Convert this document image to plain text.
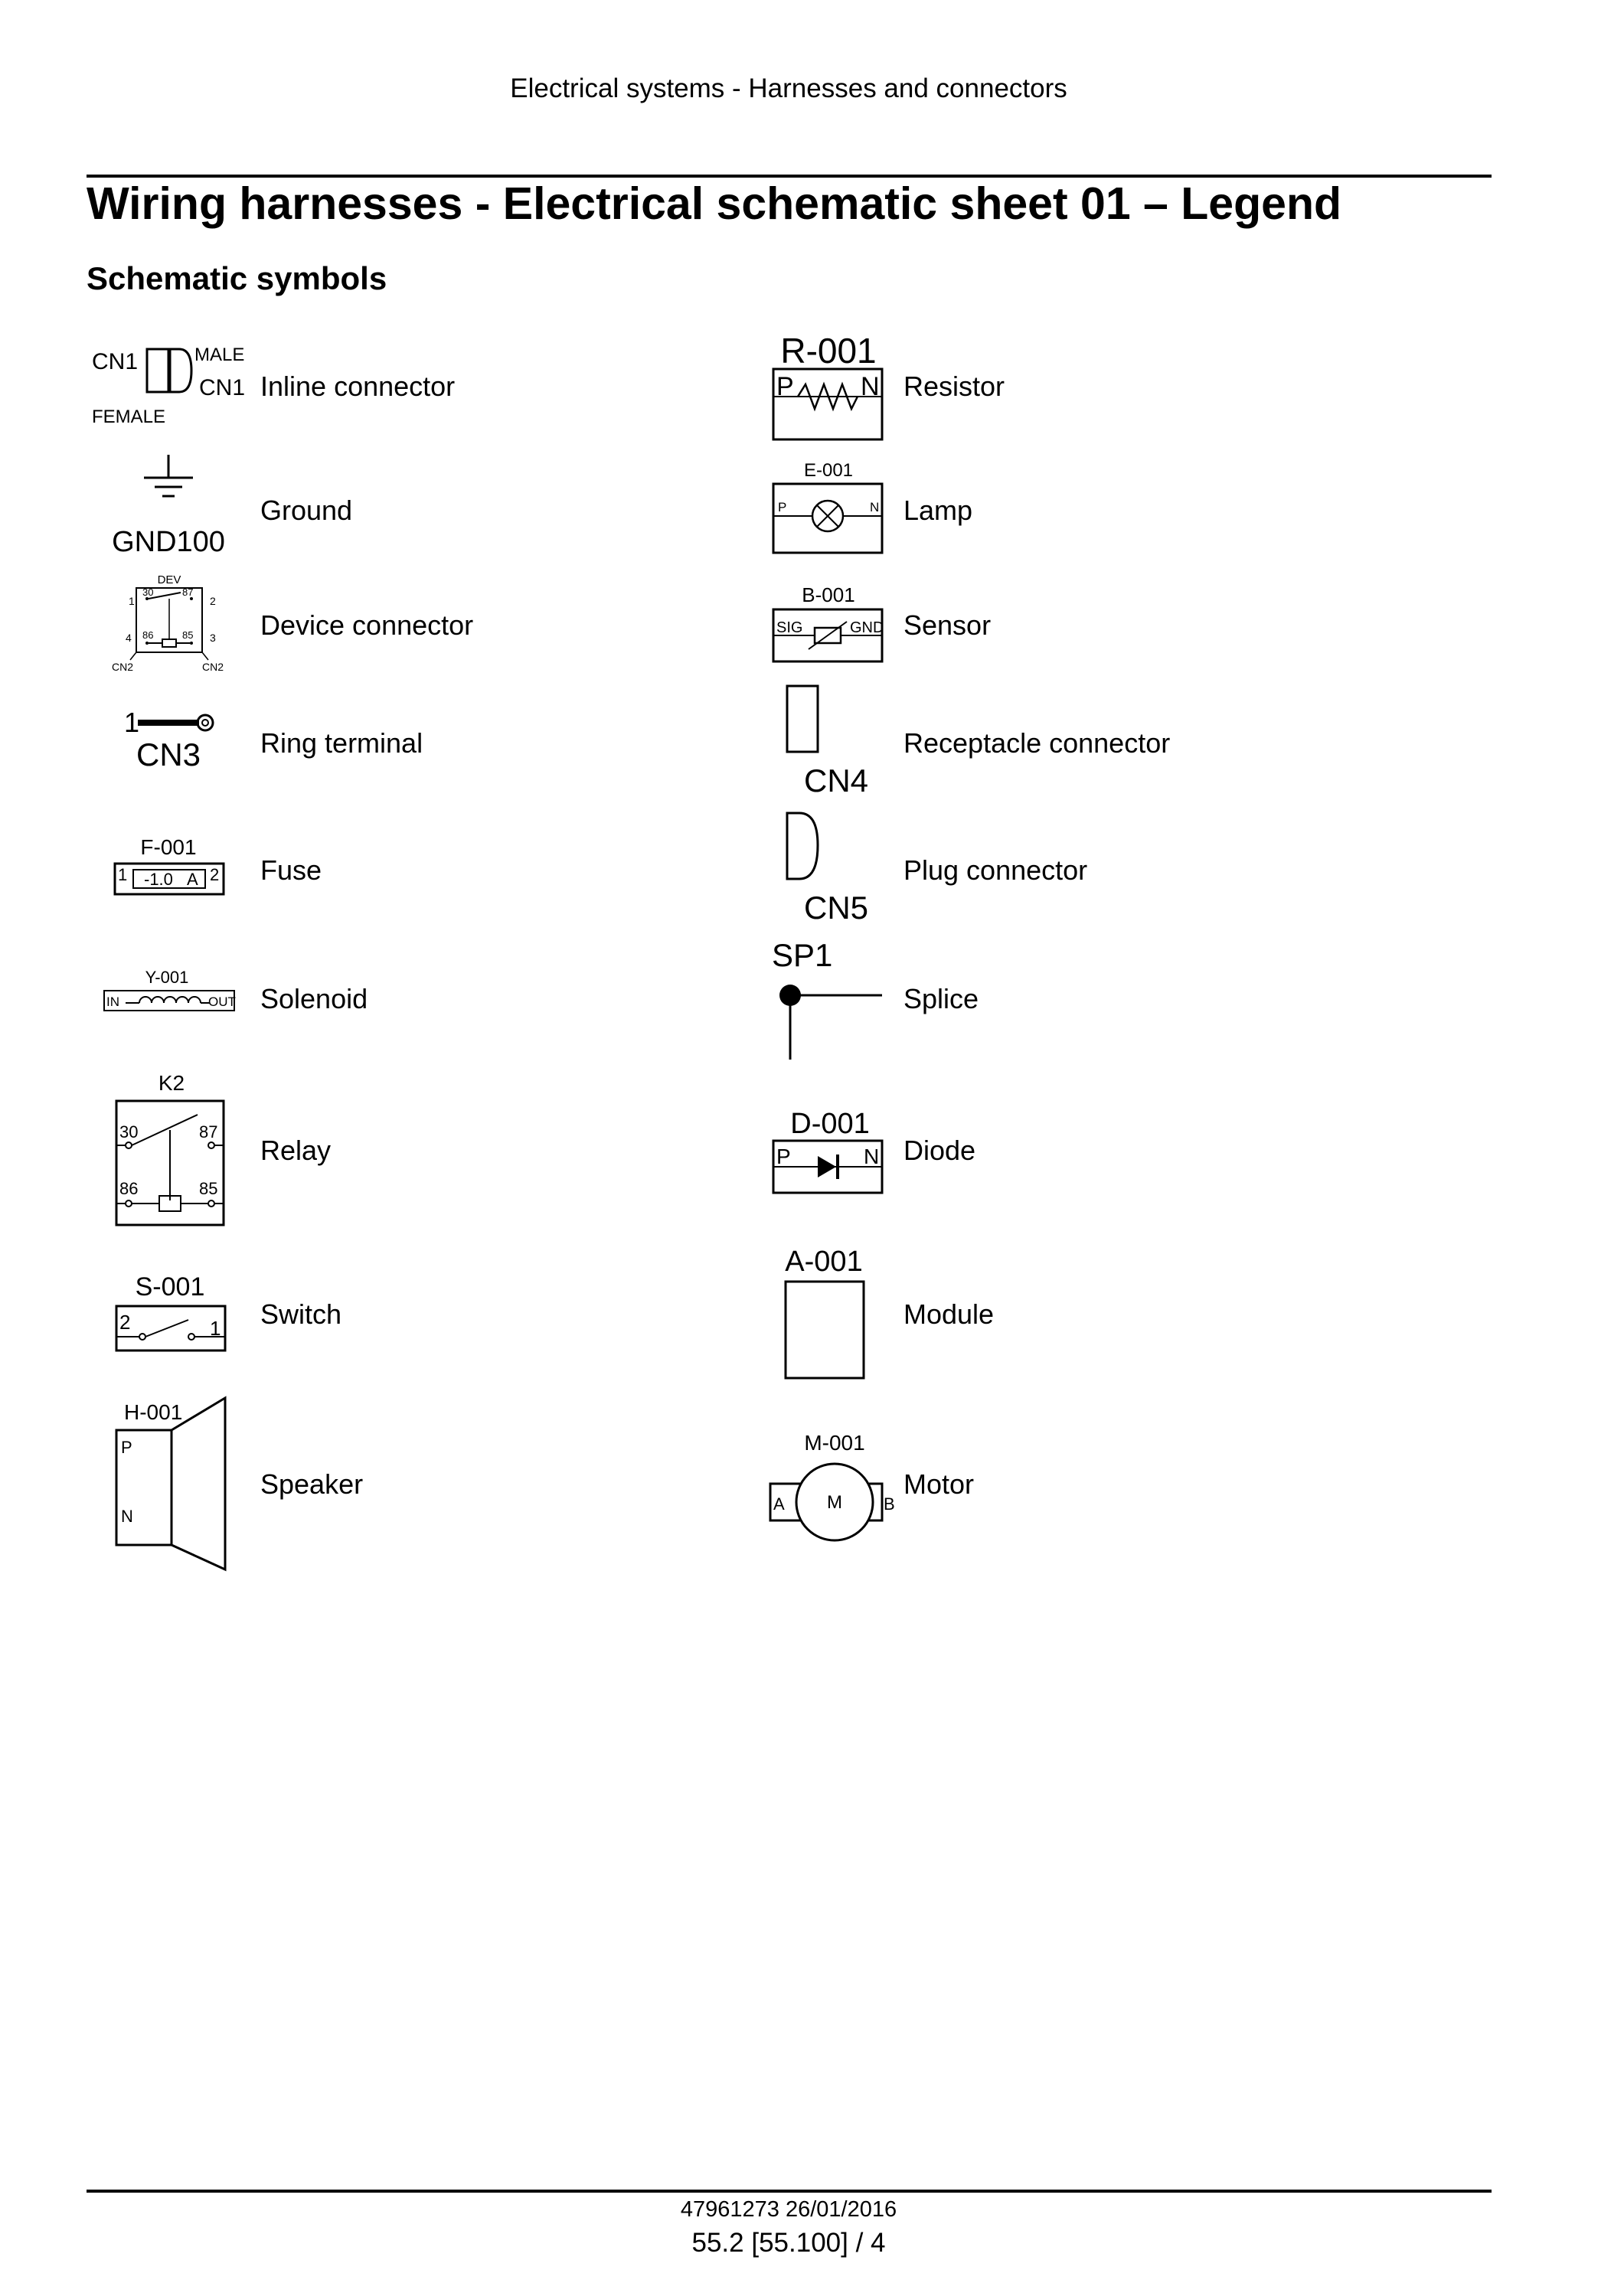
Electrical systems - Harnesses and connectors
Wiring harnesses - Electrical schematic sheet 01 – Legend
Schematic symbols
CN1	MALE
CN1
FEMALE
Inline connector
GND100
Ground
DEV
1	2
3
4
30	87
86	85
CN2	CN2
Device connector
1
CN3 Ring terminal
F-001
1 -1.0 A 2 Fuse
Y-001
IN	OUT Solenoid
K2
30	87
86	85
Relay
S-001
2	1 Switch
H-001
P
N
Speaker
R-001
P	N Resistor
E-001
P	N Lamp
B-001
SIG	GND Sensor
CN4
Receptacle connector
CN5
Plug connector
SP1
Splice
D-001
P	N Diode
A-001
Module
M-001
A M B
Motor
47961273 26/01/2016
55.2 [55.100] / 4
